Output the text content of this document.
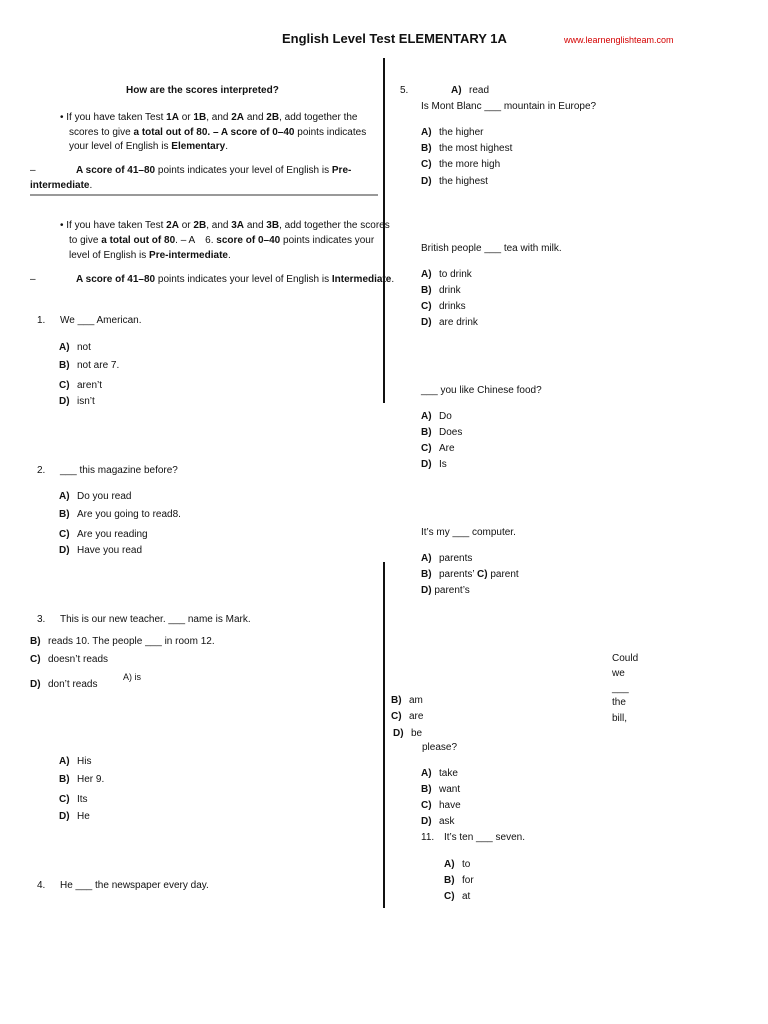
English Level Test ELEMENTARY 1A	www.learnenglishteam.com
How are the scores interpreted?
• If you have taken Test 1A or 1B, and 2A and 2B, add together the
scores to give a total out of 80. – A score of 0–40 points indicates
your level of English is Elementary.
–	A score of 41–80 points indicates your level of English is Pre-
intermediate.
• If you have taken Test 2A or 2B, and 3A and 3B, add together the scores
to give a total out of 80. – A 6. score of 0–40 points indicates your
level of English is Pre-intermediate.
–	A score of 41–80 points indicates your level of English is Intermediate.
1. We ___ American.
A) not
B) not are 7.
C) aren’t
D) isn’t
2. ___ this magazine before?
A) Do you read
B) Are you going to read8.
C) Are you reading
D) Have you read
3. This is our new teacher. ___ name is Mark.
B) reads 10. The people ___ in room 12.
C) doesn’t reads
A) is
D) don’t reads
A) His
B) Her 9.
C) Its
D) He
4. He ___ the newspaper every day.
5.	A) read
Is Mont Blanc ___ mountain in Europe?
A) the higher
B) the most highest
C) the more high
D) the highest
British people ___ tea with milk.
A) to drink
B) drink
C) drinks
D) are drink
___ you like Chinese food?
A) Do
B) Does
C) Are
D) Is
It’s my ___ computer.
A) parents
B) parents’ C) parent
D) parent’s
Could
we
___
the
bill,
B) am
C) are
D) be
please?
A) take
B) want
C) have
D) ask
11. It’s ten ___ seven.
A) to
B) for
C) at
